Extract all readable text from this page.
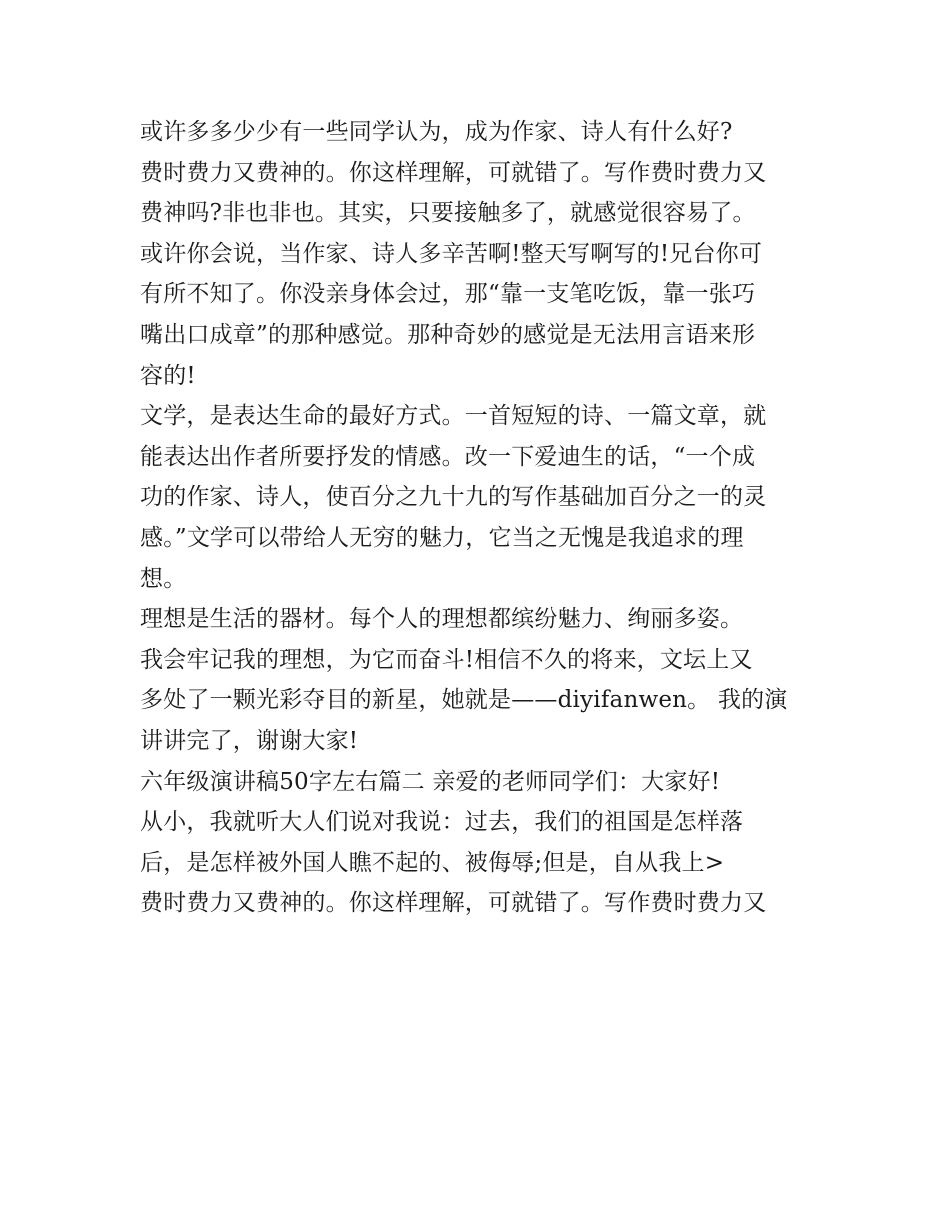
或许多多少少有一些同学认为，成为作家、诗人有什么好?
费时费力又费神的。你这样理解，可就错了。写作费时费力又
费神吗?非也非也。其实，只要接触多了，就感觉很容易了。
或许你会说，当作家、诗人多辛苦啊!整天写啊写的!兄台你可
有所不知了。你没亲身体会过，那“靠一支笔吃饭，靠一张巧
嘴出口成章”的那种感觉。那种奇妙的感觉是无法用言语来形
容的!
文学，是表达生命的最好方式。一首短短的诗、一篇文章，就
能表达出作者所要抒发的情感。改一下爱迪生的话，“一个成
功的作家、诗人，使百分之九十九的写作基础加百分之一的灵
感。”文学可以带给人无穷的魅力，它当之无愧是我追求的理
想。
理想是生活的器材。每个人的理想都缤纷魅力、绚丽多姿。
我会牢记我的理想，为它而奋斗!相信不久的将来，文坛上又
多处了一颗光彩夺目的新星，她就是——diyifanwen。 我的演
讲讲完了，谢谢大家!
六年级演讲稿50字左右篇二 亲爱的老师同学们：大家好!
从小，我就听大人们说对我说：过去，我们的祖国是怎样落
后，是怎样被外国人瞧不起的、被侮辱;但是，自从我上>
费时费力又费神的。你这样理解，可就错了。写作费时费力又
